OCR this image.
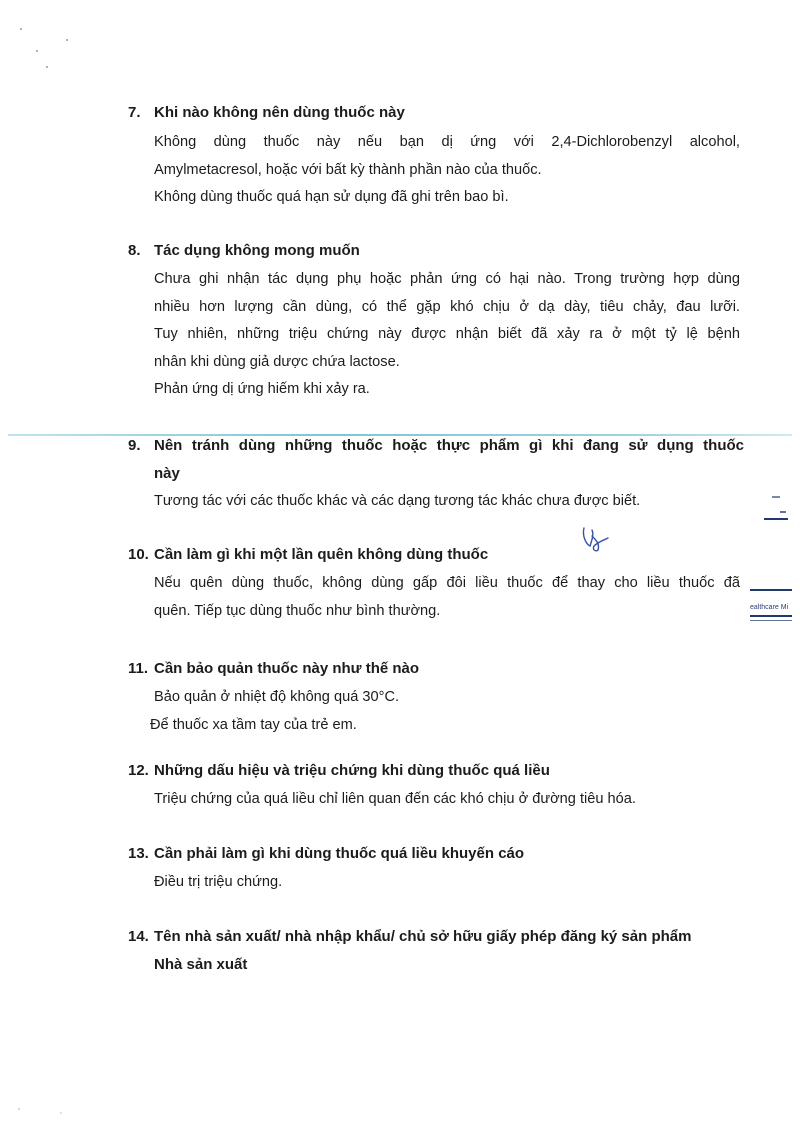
7. Khi nào không nên dùng thuốc này
Không dùng thuốc này nếu bạn dị ứng với 2,4-Dichlorobenzyl alcohol,
Amylmetacresol, hoặc với bất kỳ thành phần nào của thuốc.
Không dùng thuốc quá hạn sử dụng đã ghi trên bao bì.
8. Tác dụng không mong muốn
Chưa ghi nhận tác dụng phụ hoặc phản ứng có hại nào. Trong trường hợp dùng
nhiều hơn lượng cần dùng, có thể gặp khó chịu ở dạ dày, tiêu chảy, đau lưỡi.
Tuy nhiên, những triệu chứng này được nhận biết đã xảy ra ở một tỷ lệ bệnh
nhân khi dùng giả dược chứa lactose.
Phản ứng dị ứng hiếm khi xảy ra.
9. Nên tránh dùng những thuốc hoặc thực phẩm gì khi đang sử dụng thuốc
này
Tương tác với các thuốc khác và các dạng tương tác khác chưa được biết.
10. Cần làm gì khi một lần quên không dùng thuốc
Nếu quên dùng thuốc, không dùng gấp đôi liều thuốc để thay cho liều thuốc đã
quên. Tiếp tục dùng thuốc như bình thường.
11. Cần bảo quản thuốc này như thế nào
Bảo quản ở nhiệt độ không quá 30°C.
Để thuốc xa tầm tay của trẻ em.
12. Những dấu hiệu và triệu chứng khi dùng thuốc quá liều
Triệu chứng của quá liều chỉ liên quan đến các khó chịu ở đường tiêu hóa.
13. Cần phải làm gì khi dùng thuốc quá liều khuyến cáo
Điều trị triệu chứng.
14. Tên nhà sản xuất/ nhà nhập khẩu/ chủ sở hữu giấy phép đăng ký sản phẩm
Nhà sản xuất
ealthcare Mi
